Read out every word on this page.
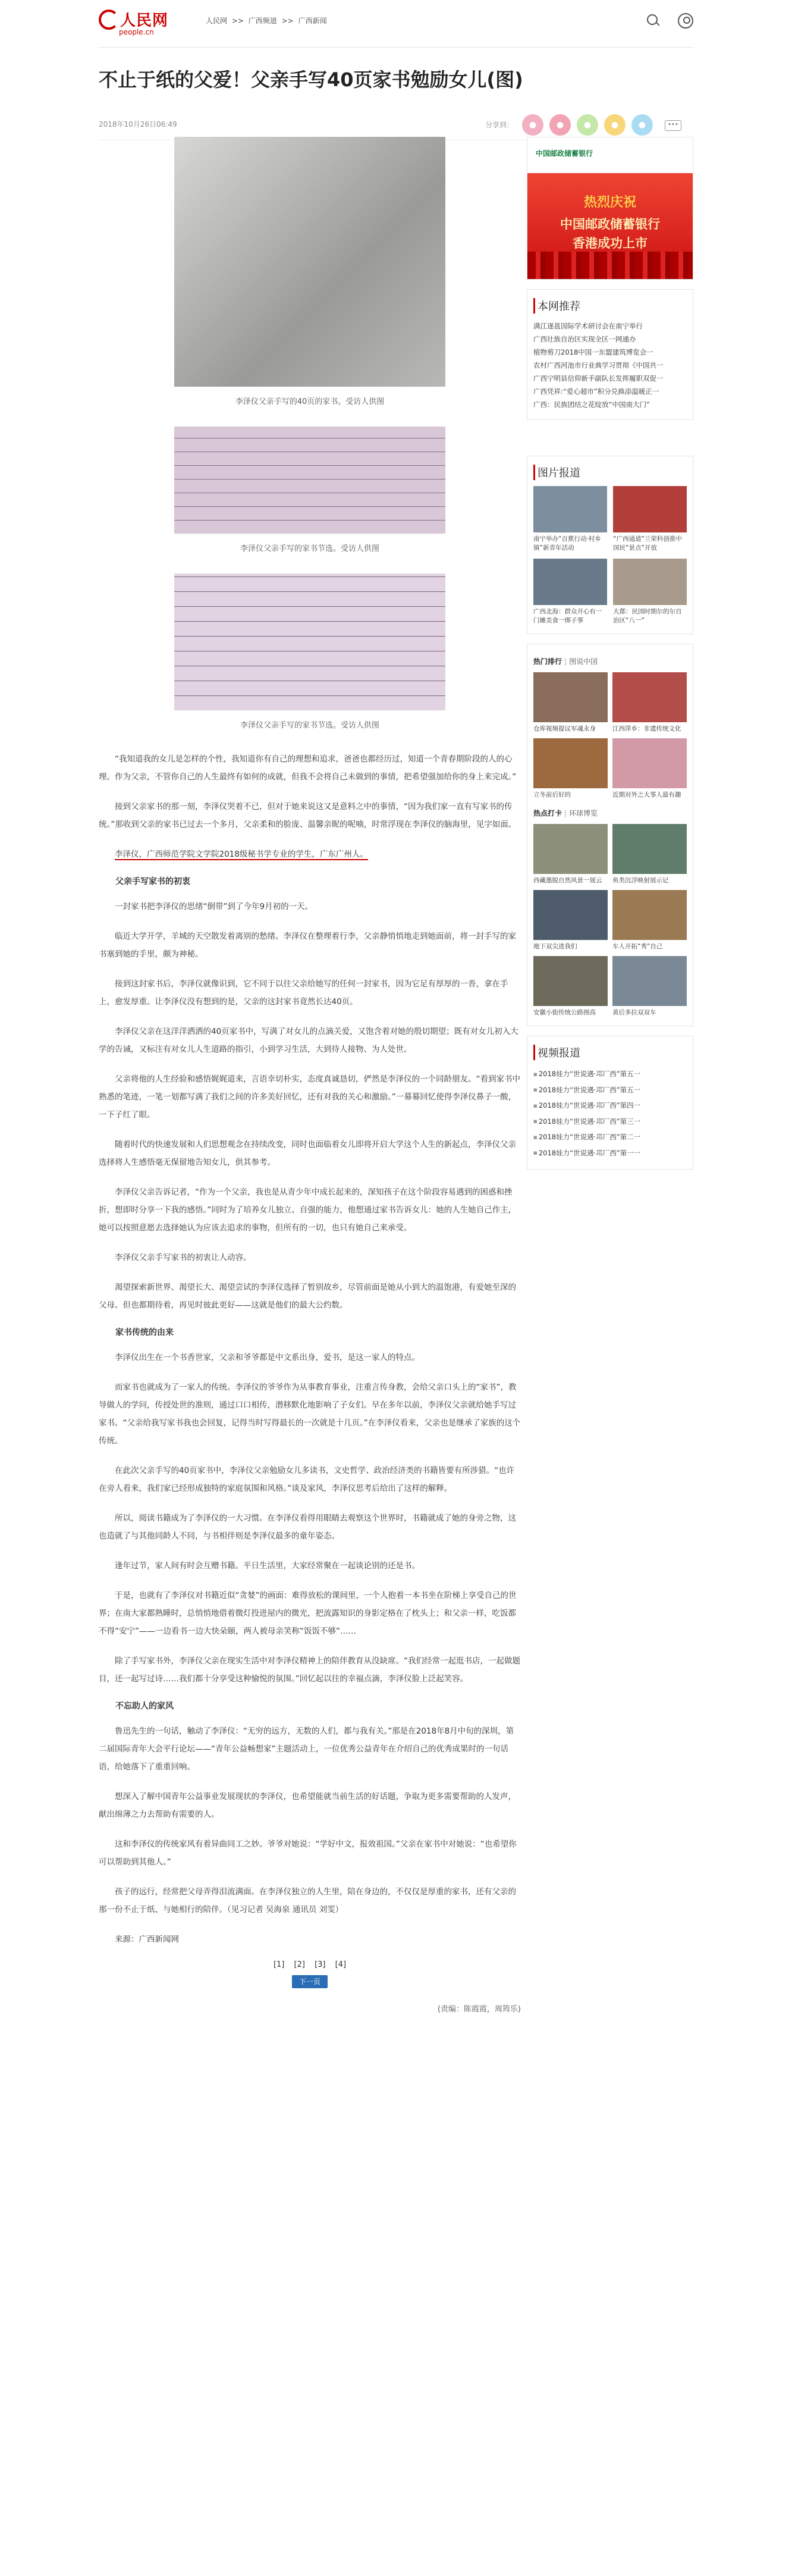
人民网
people.cn
人民网 >> 广西频道 >> 广西新闻
不止于纸的父爱！父亲手写40页家书勉励女儿(图)
2018年10月26日06:49	分享到：	●	●	●	●	●	•••
李泽仪父亲手写的40页的家书。受访人供图
李泽仪父亲手写的家书节选。受访人供图
李泽仪父亲手写的家书节选。受访人供图

“我知道我的女儿是怎样的个性，我知道你有自己的理想和追求，爸爸也都经历过，知道一个青春期阶段的人的心理。作为父亲，不管你自己的人生最终有如何的成就，但我不会将自己未做到的事情，把希望强加给你的身上来完成。”

接到父亲家书的那一刻，李泽仪哭着不已，但对于她来说这又是意料之中的事情，“因为我们家一直有写家书的传统。”那收到父亲的家书已过去一个多月，父亲柔和的脸庞、温馨亲昵的呢喃，时常浮现在李泽仪的脑海里，见字如面。

李泽仪，广西师范学院文学院2018级秘书学专业的学生，广东广州人。

父亲手写家书的初衷

一封家书把李泽仪的思绪“倒带”到了今年9月初的一天。

临近大学开学，羊城的天空散发着离别的愁绪。李泽仪在整理着行李，父亲静悄悄地走到她面前，将一封手写的家书塞到她的手里，颇为神秘。

接到这封家书后，李泽仪就像识到，它不同于以往父亲给她写的任何一封家书，因为它足有厚厚的一沓，拿在手上，愈发厚重。让李泽仪没有想到的是，父亲的这封家书竟然长达40页。

李泽仪父亲在这洋洋洒洒的40页家书中，写满了对女儿的点滴关爱，又饱含着对她的殷切期望；既有对女儿初入大学的告诫，又标注有对女儿人生道路的指引，小到学习生活，大到待人接物、为人处世。

父亲将他的人生经验和感悟娓娓道来，言语幸切朴实，态度真诚恳切，俨然是李泽仪的一个同龄朋友。“看到家书中熟悉的笔迹，一笔一划都写满了我们之间的许多美好回忆，还有对我的关心和激励。”一幕幕回忆使得李泽仪鼻子一酸，一下子红了眼。

随着时代的快速发展和人们思想观念在持续改变，同时也面临着女儿即将开启大学这个人生的新起点，李泽仪父亲选择将人生感悟毫无保留地告知女儿，供其参考。

李泽仪父亲告诉记者，“作为一个父亲，我也是从青少年中成长起来的，深知孩子在这个阶段容易遇到的困惑和挫折，想即时分享一下我的感悟。”同时为了培养女儿独立、自强的能力，他想通过家书告诉女儿：她的人生她自己作主，她可以按照意愿去选择她认为应该去追求的事物，但所有的一切，也只有她自己来承受。

李泽仪父亲手写家书的初衷让人动容。

渴望探索新世界、渴望长大、渴望尝试的李泽仪选择了暂别故乡，尽管前面是她从小到大的温饱港，有爱她至深的父母。但也都期待着，再见时彼此更好——这就是他们的最大公约数。

家书传统的由来

李泽仪出生在一个书香世家，父亲和爷爷都是中文系出身，爱书，是这一家人的特点。

而家书也就成为了一家人的传统。李泽仪的爷爷作为从事教育事业，注重言传身教，会给父亲口头上的“家书”，教导做人的学问，传授处世的准则，通过口口相传，潜移默化地影响了子女们。早在多年以前，李泽仪父亲就给她手写过家书。“父亲给我写家书我也会回复，记得当时写得最长的一次就是十几页。”在李泽仪看来，父亲也是继承了家族的这个传统。

在此次父亲手写的40页家书中，李泽仪父亲勉励女儿多读书，文史哲学、政治经济类的书籍皆要有所涉猎。“也许在旁人看来，我们家已经形成独特的家庭氛围和风格。”谈及家风，李泽仪思考后给出了这样的解释。

所以，阅读书籍成为了李泽仪的一大习惯。在李泽仪看得用眼睛去观察这个世界时，书籍就成了她的身旁之物，这也造就了与其他同龄人不同，与书相伴则是李泽仪最多的童年姿态。

逢年过节，家人间有时会互赠书籍。平日生活里，大家经常聚在一起谈论别的还是书。

于是，也就有了李泽仪对书籍近似“贪婪”的画面：难得放松的课间里，一个人抱着一本书坐在阶梯上享受自己的世界；在南大家都熟睡时，总悄悄地借着微灯投进屋内的微光，把流露知识的身影定格在了枕头上；和父亲一样，吃饭都不得“安宁”——一边看书一边大快朵颐，两人被母亲笑称“饭饭不够”……

除了手写家书外，李泽仪父亲在现实生活中对李泽仪精神上的陪伴教育从没缺席。“我们经常一起逛书店，一起做题目，还一起写过诗……我们都十分享受这种愉悦的氛围。”回忆起以往的幸福点滴，李泽仪脸上泛起笑容。

不忘助人的家风

鲁迅先生的一句话，触动了李泽仪：“无穷的远方，无数的人们，都与我有关。”那是在2018年8月中旬的深圳，第二届国际青年大会平行论坛——“青年公益畅想家”主题活动上，一位优秀公益青年在介绍自己的优秀成果时的一句话语，给她落下了重重回响。

想深入了解中国青年公益事业发展现状的李泽仪，也希望能就当前生活的好话题，争取为更多需要帮助的人发声，献出绵薄之力去帮助有需要的人。

这和李泽仪的传统家风有着异曲同工之妙。爷爷对她说：“学好中文，报效祖国。”父亲在家书中对她说：“也希望你可以帮助到其他人。”

孩子的远行，经常把父母弄得泪流满面。在李泽仪独立的人生里，陪在身边的，不仅仅是厚重的家书，还有父亲的那一份不止于纸、与她相行的陪伴。（见习记者 吴海泉 通讯员 刘雯）

来源：广西新闻网

[1] [2] [3] [4]
下一页
(责编：陈霞霞，周筠乐)
中国邮政储蓄银行
热烈庆祝
中国邮政储蓄银行
香港成功上市
本网推荐
满江遂邕国际学术研讨会在南宁举行
广西壮族自治区实现全区一网通办
植物剪刀2018中国一东盟建筑博览会一
农村广西河池市行业典学习贯彻《中国共一
广西宁明县信仰新手副队长发挥履职双促一
广西凭祥:“爱心超市”积分兑换添温暖正一
广西：民族团结之花绽放“中国南大门”
图片报道
南宁举办“百蕉行动·村乡镇”新青年活动
“广西通道”兰荣科创推中国民“景点”开放
广西北海：群众开心有一门摊美食一绑子事
大都：民国时期尔的尔自治区“八一”
热门排行 | 图说中国
仓库视频提议军魂永身	江西萍乡：非遗传统文化
立冬前后好的	近期对外之大事人最有趣
热点打卡 | 环球博览
西藏墨脱自然风景一展云	鱼类沉浮映射展示记
地下双尖进我们	车人开拓“秀”自己
安徽小街传统公路图高	黄后多拉双双车
视频报道
■ 2018娃力“世说遇·邛厂西”第五一
■ 2018娃力“世说遇·邛厂西”第五一
■ 2018娃力“世说遇·邛厂西”第四一
■ 2018娃力“世说遇·邛厂西”第三一
■ 2018娃力“世说遇·邛厂西”第二一
■ 2018娃力“世说遇·邛厂西”第一一
